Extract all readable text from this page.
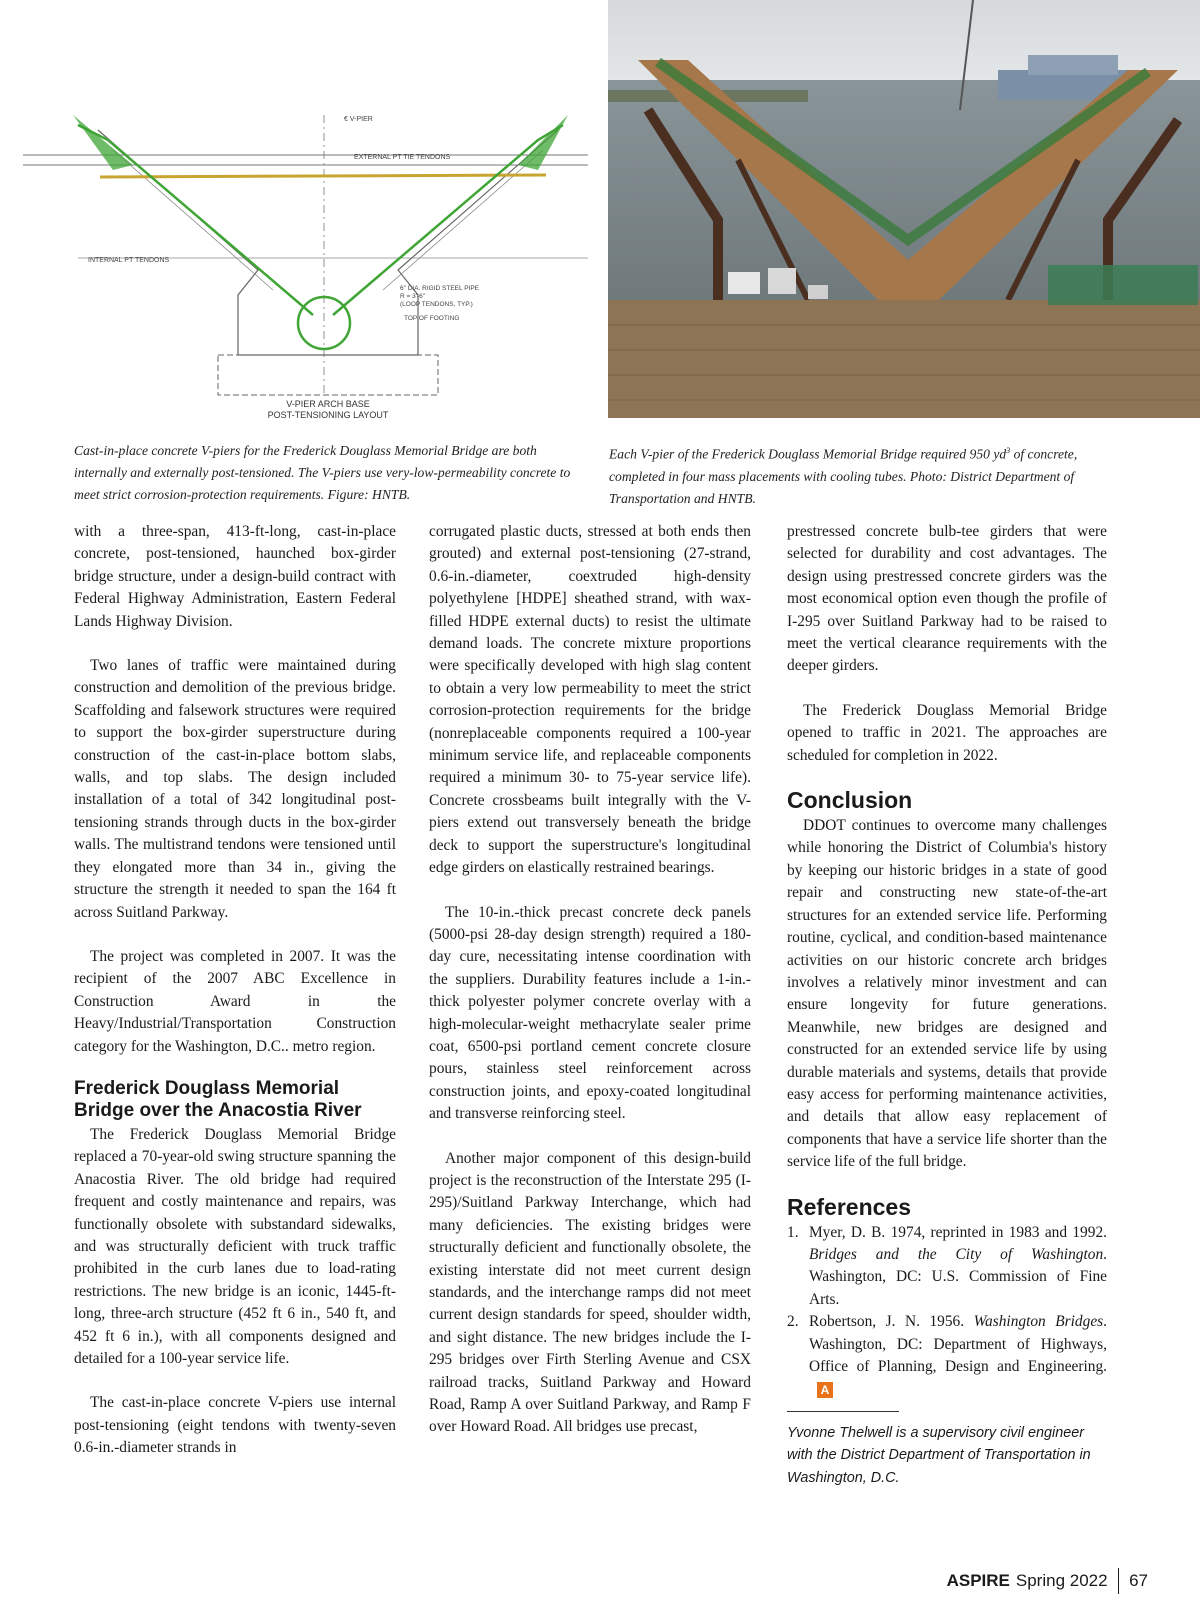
€ V-PIER
EXTERNAL PT TIE TENDONS
INTERNAL PT TENDONS
6" DIA. RIGID STEEL PIPE
R = 3'-6"
(LOOP TENDONS, TYP.)
TOP OF FOOTING
V-PIER ARCH BASE
POST-TENSIONING LAYOUT

Cast-in-place concrete V-piers for the Frederick Douglass Memorial Bridge are both internally and externally post-tensioned. The V-piers use very-low-permeability concrete to meet strict corrosion-protection requirements. Figure: HNTB.

Each V-pier of the Frederick Douglass Memorial Bridge required 950 $yd^3$ of concrete, completed in four mass placements with cooling tubes. Photo: District Department of Transportation and HNTB.

with a three-span, 413-ft-long, cast-in-place concrete, post-tensioned, haunched box-girder bridge structure, under a design-build contract with Federal Highway Administration, Eastern Federal Lands Highway Division.

Two lanes of traffic were maintained during construction and demolition of the previous bridge. Scaffolding and falsework structures were required to support the box-girder superstructure during construction of the cast-in-place bottom slabs, walls, and top slabs. The design included installation of a total of 342 longitudinal post-tensioning strands through ducts in the box-girder walls. The multistrand tendons were tensioned until they elongated more than 34 in., giving the structure the strength it needed to span the 164 ft across Suitland Parkway.

The project was completed in 2007. It was the recipient of the 2007 ABC Excellence in Construction Award in the Heavy/Industrial/Transportation Construction category for the Washington, D.C.. metro region.

Frederick Douglass Memorial Bridge over the Anacostia River

The Frederick Douglass Memorial Bridge replaced a 70-year-old swing structure spanning the Anacostia River. The old bridge had required frequent and costly maintenance and repairs, was functionally obsolete with substandard sidewalks, and was structurally deficient with truck traffic prohibited in the curb lanes due to load-rating restrictions. The new bridge is an iconic, 1445-ft-long, three-arch structure (452 ft 6 in., 540 ft, and 452 ft 6 in.), with all components designed and detailed for a 100-year service life.

The cast-in-place concrete V-piers use internal post-tensioning (eight tendons with twenty-seven 0.6-in.-diameter strands in

corrugated plastic ducts, stressed at both ends then grouted) and external post-tensioning (27-strand, 0.6-in.-diameter, coextruded high-density polyethylene [HDPE] sheathed strand, with wax-filled HDPE external ducts) to resist the ultimate demand loads. The concrete mixture proportions were specifically developed with high slag content to obtain a very low permeability to meet the strict corrosion-protection requirements for the bridge (nonreplaceable components required a 100-year minimum service life, and replaceable components required a minimum 30- to 75-year service life). Concrete crossbeams built integrally with the V-piers extend out transversely beneath the bridge deck to support the superstructure's longitudinal edge girders on elastically restrained bearings.

The 10-in.-thick precast concrete deck panels (5000-psi 28-day design strength) required a 180-day cure, necessitating intense coordination with the suppliers. Durability features include a 1-in.-thick polyester polymer concrete overlay with a high-molecular-weight methacrylate sealer prime coat, 6500-psi portland cement concrete closure pours, stainless steel reinforcement across construction joints, and epoxy-coated longitudinal and transverse reinforcing steel.

Another major component of this design-build project is the reconstruction of the Interstate 295 (I-295)/Suitland Parkway Interchange, which had many deficiencies. The existing bridges were structurally deficient and functionally obsolete, the existing interstate did not meet current design standards, and the interchange ramps did not meet current design standards for speed, shoulder width, and sight distance. The new bridges include the I-295 bridges over Firth Sterling Avenue and CSX railroad tracks, Suitland Parkway and Howard Road, Ramp A over Suitland Parkway, and Ramp F over Howard Road. All bridges use precast,

prestressed concrete bulb-tee girders that were selected for durability and cost advantages. The design using prestressed concrete girders was the most economical option even though the profile of I-295 over Suitland Parkway had to be raised to meet the vertical clearance requirements with the deeper girders.

The Frederick Douglass Memorial Bridge opened to traffic in 2021. The approaches are scheduled for completion in 2022.

Conclusion

DDOT continues to overcome many challenges while honoring the District of Columbia's history by keeping our historic bridges in a state of good repair and constructing new state-of-the-art structures for an extended service life. Performing routine, cyclical, and condition-based maintenance activities on our historic concrete arch bridges involves a relatively minor investment and can ensure longevity for future generations. Meanwhile, new bridges are designed and constructed for an extended service life by using durable materials and systems, details that provide easy access for performing maintenance activities, and details that allow easy replacement of components that have a service life shorter than the service life of the full bridge.

References
1. Myer, D. B. 1974, reprinted in 1983 and 1992. Bridges and the City of Washington. Washington, DC: U.S. Commission of Fine Arts.
2. Robertson, J. N. 1956. Washington Bridges. Washington, DC: Department of Highways, Office of Planning, Design and Engineering.A

Yvonne Thelwell is a supervisory civil engineer with the District Department of Transportation in Washington, D.C.

ASPIRE Spring 2022 67
